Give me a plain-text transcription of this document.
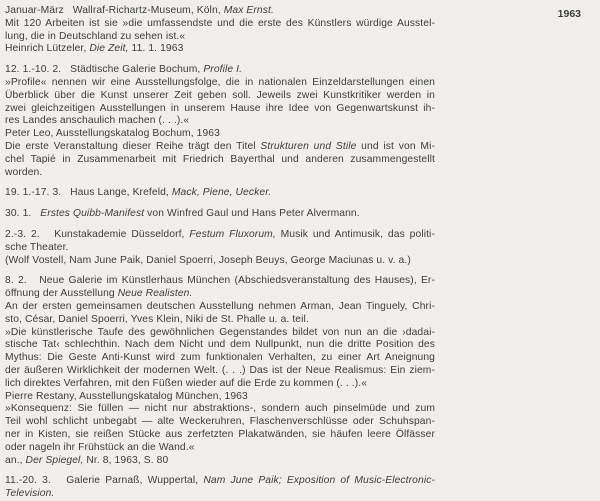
Januar-März   Wallraf-Richartz-Museum, Köln, Max Ernst.
Mit 120 Arbeiten ist sie »die umfassendste und die erste des Künstlers würdige Ausstel-
lung, die in Deutschland zu sehen ist.«
Heinrich Lützeler, Die Zeit, 11. 1. 1963
12. 1.-10. 2.   Städtische Galerie Bochum, Profile I.
»Profile« nennen wir eine Ausstellungsfolge, die in nationalen Einzeldarstellungen einen
Überblick über die Kunst unserer Zeit geben soll. Jeweils zwei Kunstkritiker werden in
zwei gleichzeitigen Ausstellungen in unserem Hause ihre Idee von Gegenwartskunst ih-
res Landes anschaulich machen (. . .).«
Peter Leo, Ausstellungskatalog Bochum, 1963
Die erste Veranstaltung dieser Reihe trägt den Titel Strukturen und Stile und ist von Mi-
chel Tapié in Zusammenarbeit mit Friedrich Bayerthal und anderen zusammengestellt
worden.
19. 1.-17. 3.   Haus Lange, Krefeld, Mack, Piene, Uecker.
30. 1.   Erstes Quibb-Manifest von Winfred Gaul und Hans Peter Alvermann.
2.-3. 2.   Kunstakademie Düsseldorf, Festum Fluxorum, Musik und Antimusik, das politi-
sche Theater.
(Wolf Vostell, Nam June Paik, Daniel Spoerri, Joseph Beuys, George Maciunas u. v. a.)
8. 2.   Neue Galerie im Künstlerhaus München (Abschiedsveranstaltung des Hauses), Er-
öffnung der Ausstellung Neue Realisten.
An der ersten gemeinsamen deutschen Ausstellung nehmen Arman, Jean Tinguely, Chri-
sto, César, Daniel Spoerri, Yves Klein, Niki de St. Phalle u. a. teil.
»Die künstlerische Taufe des gewöhnlichen Gegenstandes bildet von nun an die ›dadai-
stische Tat‹ schlechthin. Nach dem Nicht und dem Nullpunkt, nun die dritte Position des
Mythus: Die Geste Anti-Kunst wird zum funktionalen Verhalten, zu einer Art Aneignung
der äußeren Wirklichkeit der modernen Welt. (. . .) Das ist der Neue Realismus: Ein ziem-
lich direktes Verfahren, mit den Füßen wieder auf die Erde zu kommen (. . .).«
Pierre Restany, Ausstellungskatalog München, 1963
»Konsequenz: Sie füllen — nicht nur abstraktions-, sondern auch pinselmüde und zum
Teil wohl schlicht unbegabt — alte Weckeruhren, Flaschenverschlüsse oder Schuhspan-
ner in Kisten, sie reißen Stücke aus zerfetzten Plakatwänden, sie häufen leere Ölfässer
oder nageln ihr Frühstück an die Wand.«
an., Der Spiegel, Nr. 8, 1963, S. 80
11.-20. 3.   Galerie Parnaß, Wuppertal, Nam June Paik; Exposition of Music-Electronic-
Television.
1963
